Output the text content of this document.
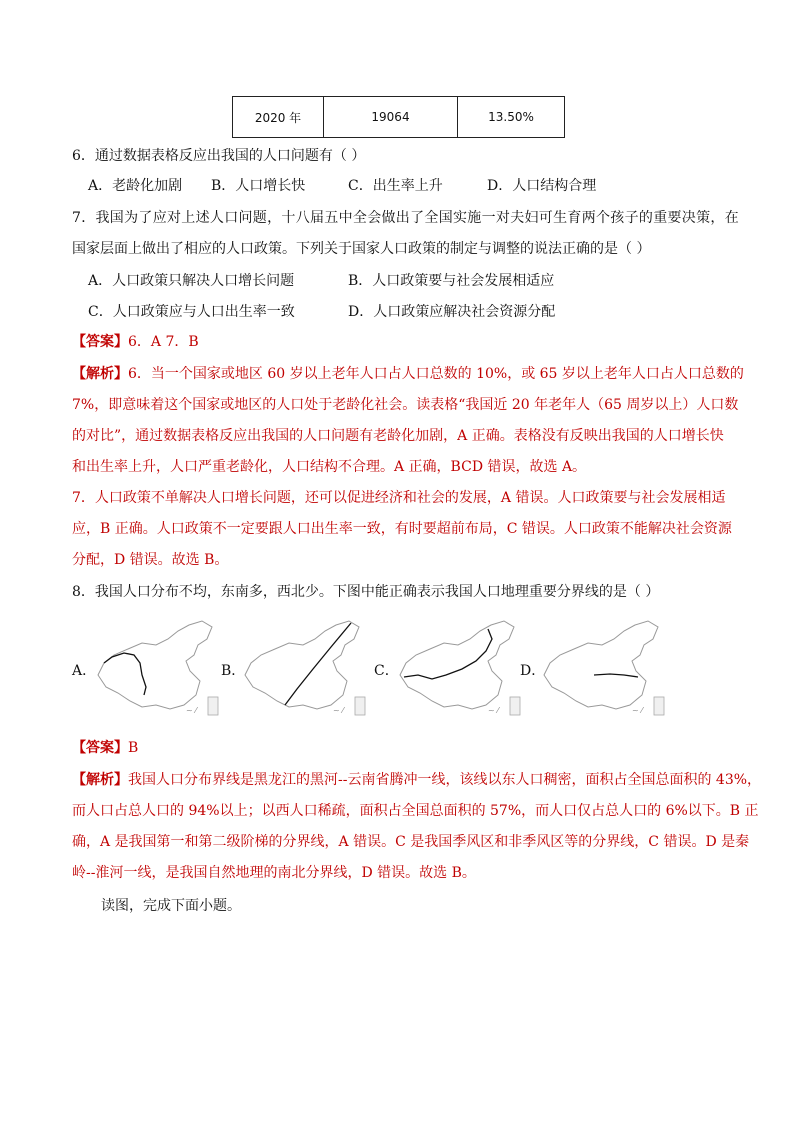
2020 年	19064	13.50%
6．通过数据表格反应出我国的人口问题有（ ）
A．老龄化加剧 B．人口增长快	C．出生率上升	D．人口结构合理
7．我国为了应对上述人口问题，十八届五中全会做出了全国实施一对夫妇可生育两个孩子的重要决策，在
国家层面上做出了相应的人口政策。下列关于国家人口政策的制定与调整的说法正确的是（ ）
A．人口政策只解决人口增长问题	B．人口政策要与社会发展相适应
C．人口政策应与人口出生率一致	D．人口政策应解决社会资源分配
【答案】6．A 7．B
【解析】6．当一个国家或地区 60 岁以上老年人口占人口总数的 10%，或 65 岁以上老年人口占人口总数的
7%，即意味着这个国家或地区的人口处于老龄化社会。读表格“我国近 20 年老年人（65 周岁以上）人口数
的对比”，通过数据表格反应出我国的人口问题有老龄化加剧，A 正确。表格没有反映出我国的人口增长快
和出生率上升，人口严重老龄化，人口结构不合理。A 正确，BCD 错误，故选 A。
7．人口政策不单解决人口增长问题，还可以促进经济和社会的发展，A 错误。人口政策要与社会发展相适
应，B 正确。人口政策不一定要跟人口出生率一致，有时要超前布局，C 错误。人口政策不能解决社会资源
分配，D 错误。故选 B。
8．我国人口分布不均，东南多，西北少。下图中能正确表示我国人口地理重要分界线的是（ ）
A．	B．	C．	D．
~ ⁄	~ ⁄	~ ⁄	~ ⁄
【答案】B
【解析】我国人口分布界线是黑龙江的黑河--云南省腾冲一线，该线以东人口稠密，面积占全国总面积的 43%，
而人口占总人口的 94%以上；以西人口稀疏，面积占全国总面积的 57%，而人口仅占总人口的 6%以下。B 正
确，A 是我国第一和第二级阶梯的分界线，A 错误。C 是我国季风区和非季风区等的分界线，C 错误。D 是秦
岭--淮河一线，是我国自然地理的南北分界线，D 错误。故选 B。
读图，完成下面小题。
